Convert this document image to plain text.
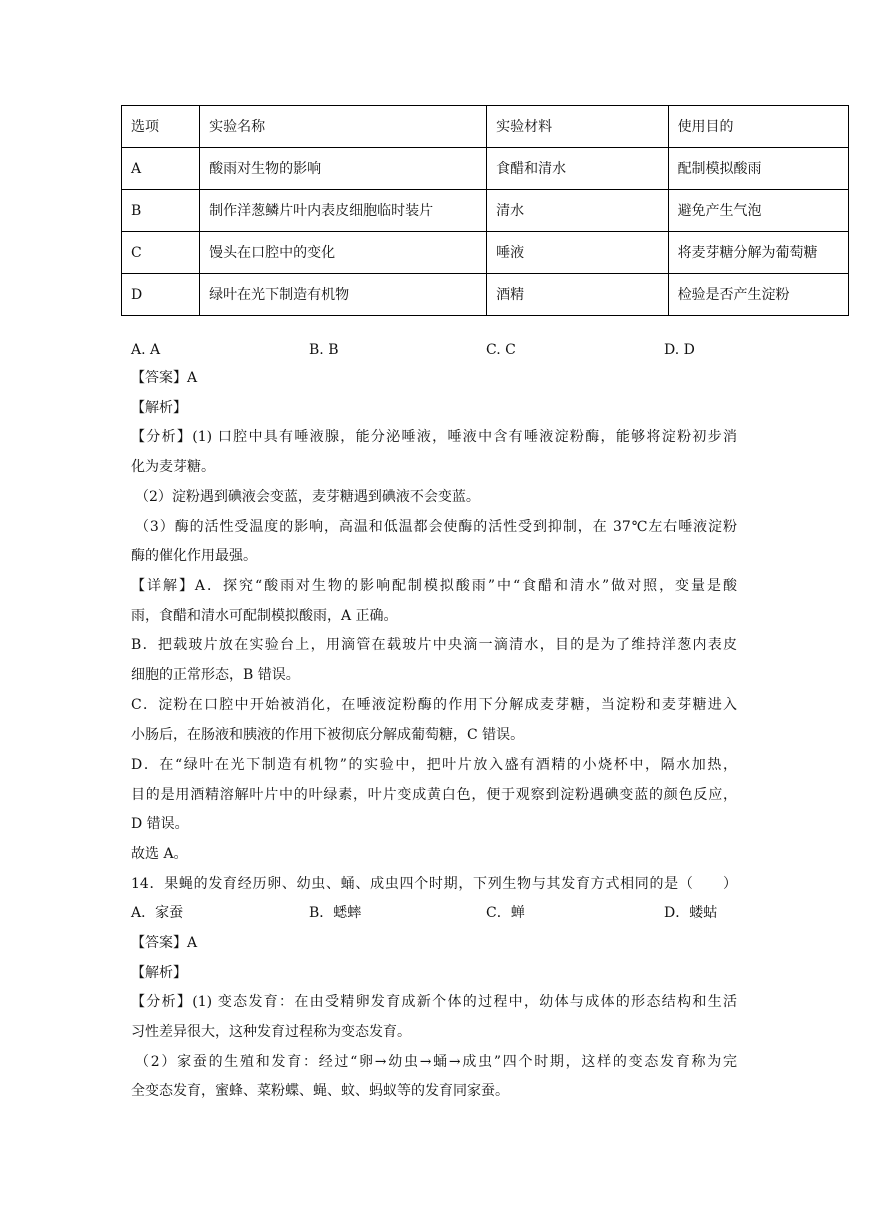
选项	实验名称	实验材料	使用目的
A	酸雨对生物的影响	食醋和清水	配制模拟酸雨
B	制作洋葱鳞片叶内表皮细胞临时装片	清水	避免产生气泡
C	馒头在口腔中的变化	唾液	将麦芽糖分解为葡萄糖
D	绿叶在光下制造有机物	酒精	检验是否产生淀粉
A. A	B. B	C. C	D. D
【答案】A
【解析】
【分析】(1) 口腔中具有唾液腺，能分泌唾液，唾液中含有唾液淀粉酶，能够将淀粉初步消
化为麦芽糖。
（2）淀粉遇到碘液会变蓝，麦芽糖遇到碘液不会变蓝。
（3）酶的活性受温度的影响，高温和低温都会使酶的活性受到抑制，在 37℃左右唾液淀粉
酶的催化作用最强。
【详解】A．探究“酸雨对生物的影响配制模拟酸雨”中“食醋和清水”做对照，变量是酸
雨，食醋和清水可配制模拟酸雨，A 正确。
B．把载玻片放在实验台上，用滴管在载玻片中央滴一滴清水，目的是为了维持洋葱内表皮
细胞的正常形态，B 错误。
C．淀粉在口腔中开始被消化，在唾液淀粉酶的作用下分解成麦芽糖，当淀粉和麦芽糖进入
小肠后，在肠液和胰液的作用下被彻底分解成葡萄糖，C 错误。
D．在“绿叶在光下制造有机物”的实验中，把叶片放入盛有酒精的小烧杯中，隔水加热，
目的是用酒精溶解叶片中的叶绿素，叶片变成黄白色，便于观察到淀粉遇碘变蓝的颜色反应，
D 错误。
故选 A。
14．果蝇的发育经历卵、幼虫、蛹、成虫四个时期，下列生物与其发育方式相同的是（　　）
A．家蚕	B．蟋蟀	C．蝉	D．蝼蛄
【答案】A
【解析】
【分析】(1) 变态发育：在由受精卵发育成新个体的过程中，幼体与成体的形态结构和生活
习性差异很大，这种发育过程称为变态发育。
（2）家蚕的生殖和发育：经过“卵→幼虫→蛹→成虫”四个时期，这样的变态发育称为完
全变态发育，蜜蜂、菜粉蝶、蝇、蚊、蚂蚁等的发育同家蚕。
